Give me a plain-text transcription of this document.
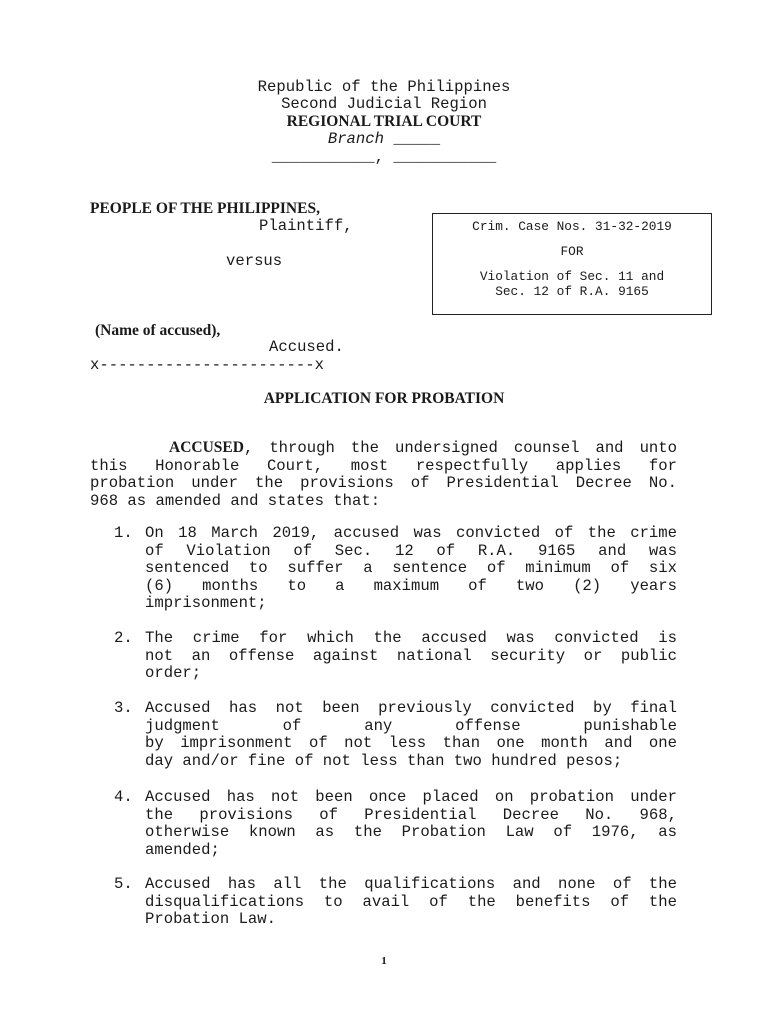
Republic of the Philippines
Second Judicial Region
REGIONAL TRIAL COURT
Branch _____
___________, ___________
PEOPLE OF THE PHILIPPINES,
Plaintiff,
versus
(Name of accused),
Accused.
x-----------------------x
Crim. Case Nos. 31-32-2019
FOR
Violation of Sec. 11 and
Sec. 12 of R.A. 9165
APPLICATION FOR PROBATION
ACCUSED, through the undersigned counsel and unto
this Honorable Court, most respectfully applies for
probation under the provisions of Presidential Decree No.
968 as amended and states that:
1. On 18 March 2019, accused was convicted of the crime
of Violation of Sec. 12 of R.A. 9165 and was
sentenced to suffer a sentence of minimum of six
(6) months to a maximum of two (2) years
imprisonment;
2. The crime for which the accused was convicted is
not an offense against national security or public
order;
3. Accused has not been previously convicted by final
judgment of any offense punishable
by imprisonment of not less than one month and one
day and/or fine of not less than two hundred pesos;
4. Accused has not been once placed on probation under
the provisions of Presidential Decree No. 968,
otherwise known as the Probation Law of 1976, as
amended;
5. Accused has all the qualifications and none of the
disqualifications to avail of the benefits of the
Probation Law.
1
